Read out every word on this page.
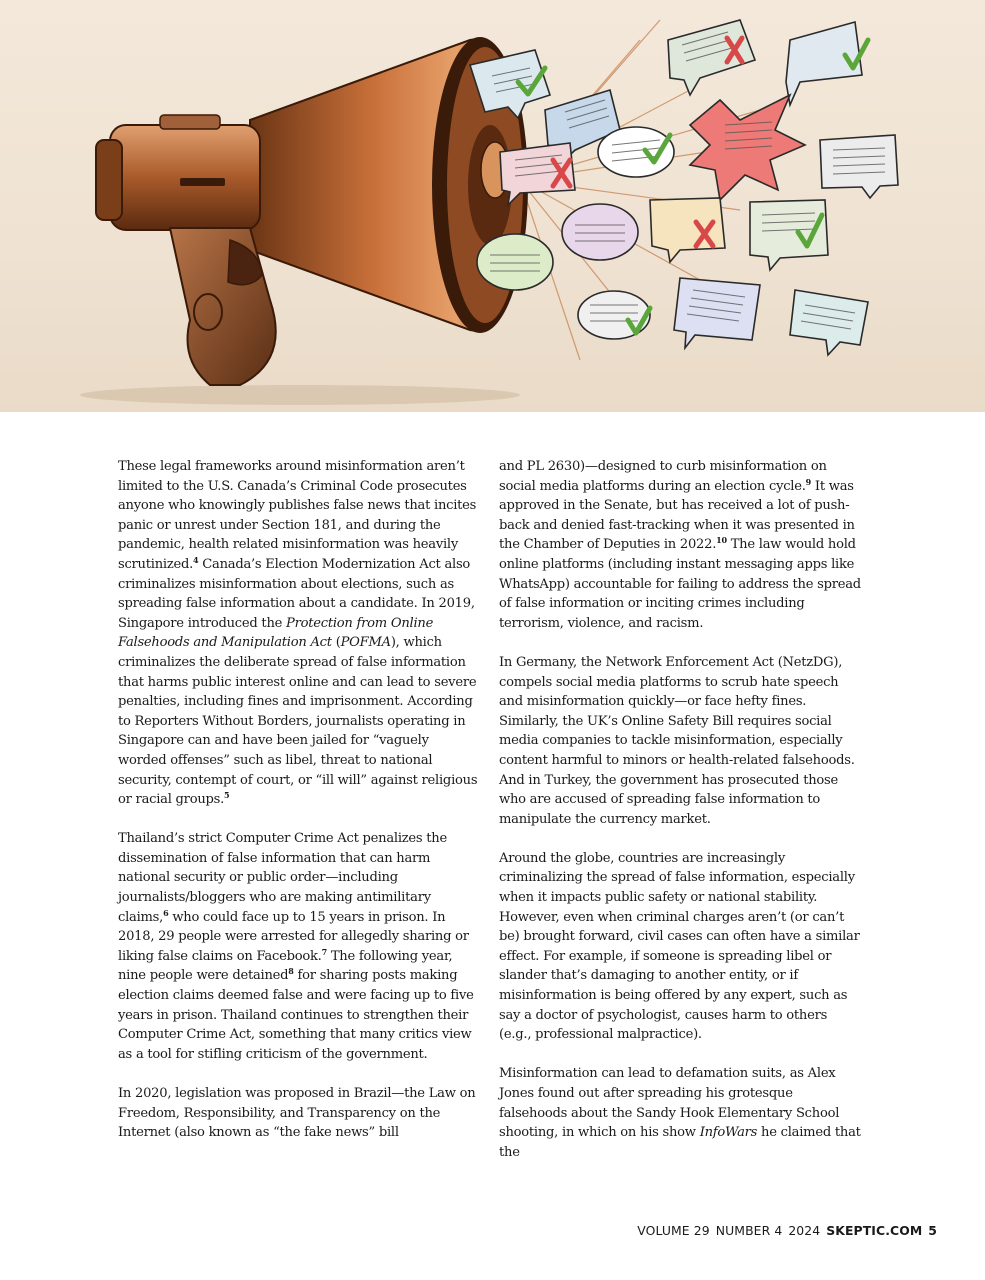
These legal frameworks around misinformation aren’t limited to the U.S. Canada’s Criminal Code prosecutes anyone who knowingly publishes false news that incites panic or unrest under Section 181, and during the pandemic, health related misinformation was heavily scrutinized.$^4$ Canada’s Election Modernization Act also criminalizes misinformation about elections, such as spreading false information about a candidate. In 2019, Singapore introduced the Protection from Online Falsehoods and Manipulation Act (POFMA), which criminalizes the deliberate spread of false information that harms public interest online and can lead to severe penalties, including fines and imprisonment. According to Reporters Without Borders, journalists operating in Singapore can and have been jailed for “vaguely worded offenses” such as libel, threat to national security, contempt of court, or “ill will” against religious or racial groups.$^5$

Thailand’s strict Computer Crime Act penalizes the dissemination of false information that can harm national security or public order—including journalists/bloggers who are making antimilitary claims,$^6$ who could face up to 15 years in prison. In 2018, 29 people were arrested for allegedly sharing or liking false claims on Facebook.$^7$ The following year, nine people were detained$^8$ for sharing posts making election claims deemed false and were facing up to five years in prison. Thailand continues to strengthen their Computer Crime Act, something that many critics view as a tool for stifling criticism of the government.

In 2020, legislation was proposed in Brazil—the Law on Freedom, Responsibility, and Transparency on the Internet (also known as “the fake news” bill

and PL 2630)—designed to curb misinformation on social media platforms during an election cycle.$^9$ It was approved in the Senate, but has received a lot of push-back and denied fast-tracking when it was presented in the Chamber of Deputies in 2022.10 The law would hold online platforms (including instant messaging apps like WhatsApp) accountable for failing to address the spread of false information or inciting crimes including terrorism, violence, and racism.

In Germany, the Network Enforcement Act (NetzDG), compels social media platforms to scrub hate speech and misinformation quickly—or face hefty fines. Similarly, the UK’s Online Safety Bill requires social media companies to tackle misinformation, especially content harmful to minors or health-related falsehoods. And in Turkey, the government has prosecuted those who are accused of spreading false information to manipulate the currency market.

Around the globe, countries are increasingly criminalizing the spread of false information, especially when it impacts public safety or national stability. However, even when criminal charges aren’t (or can’t be) brought forward, civil cases can often have a similar effect. For example, if someone is spreading libel or slander that’s damaging to another entity, or if misinformation is being offered by any expert, such as say a doctor of psychologist, causes harm to others (e.g., professional malpractice).

Misinformation can lead to defamation suits, as Alex Jones found out after spreading his grotesque falsehoods about the Sandy Hook Elementary School shooting, in which on his show InfoWars he claimed that the

VOLUME 29 NUMBER 4 2024 SKEPTIC.COM 5
